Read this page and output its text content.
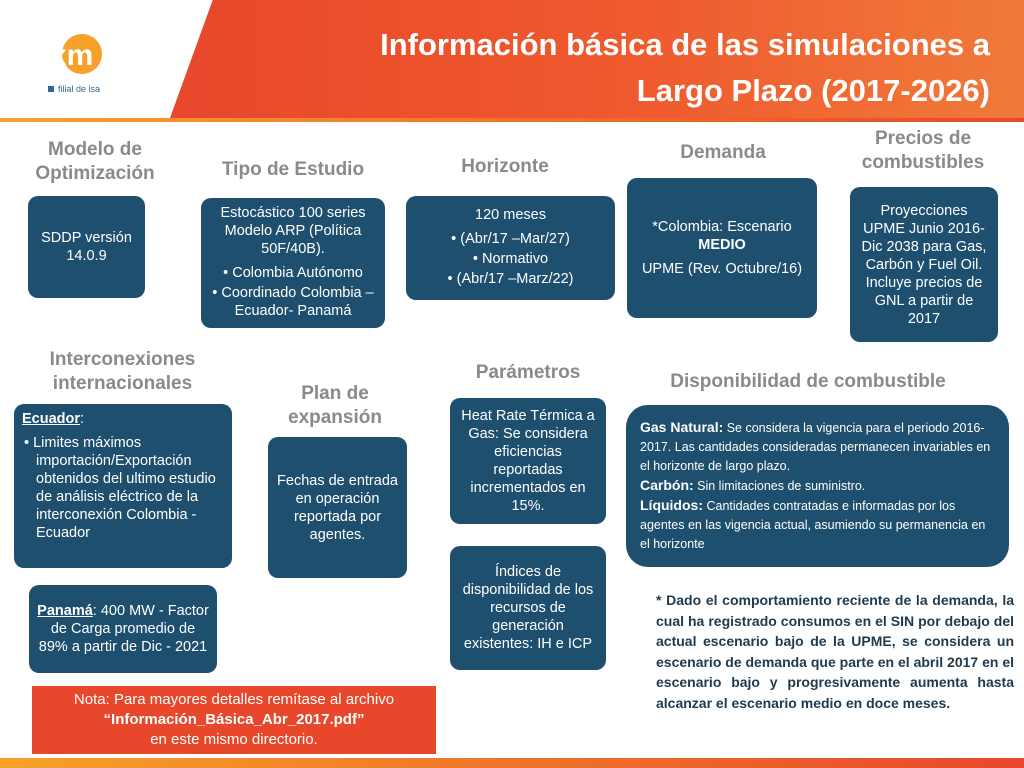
xm
filial de isa
Información básica de las simulaciones a
Largo Plazo (2017-2026)
Modelo de Optimización
SDDP versión 14.0.9
Tipo de Estudio
Estocástico 100 series Modelo ARP (Política 50F/40B).
• Colombia Autónomo
• Coordinado Colombia – Ecuador- Panamá
Horizonte
120 meses
• (Abr/17 –Mar/27)
• Normativo
• (Abr/17 –Marz/22)
Demanda
*Colombia: Escenario
MEDIO
UPME (Rev. Octubre/16)
Precios de combustibles
Proyecciones UPME Junio 2016- Dic 2038 para Gas, Carbón y Fuel Oil. Incluye precios de GNL a partir de 2017
Interconexiones internacionales
Ecuador:
• Limites máximos importación/Exportación obtenidos del ultimo estudio de análisis eléctrico de la interconexión Colombia - Ecuador
Panamá: 400 MW - Factor de Carga promedio de 89% a partir de Dic - 2021
Plan de expansión
Fechas de entrada en operación reportada por agentes.
Parámetros
Heat Rate Térmica a Gas: Se considera eficiencias reportadas incrementados en 15%.
Índices de disponibilidad de los recursos de generación existentes: IH e ICP
Disponibilidad de combustible
Gas Natural: Se considera la vigencia para el periodo 2016-2017. Las cantidades consideradas permanecen invariables en el horizonte de largo plazo.
Carbón: Sin limitaciones de suministro.
Líquidos: Cantidades contratadas e informadas por los agentes en las vigencia actual, asumiendo su permanencia en el horizonte
* Dado el comportamiento reciente de la demanda, la cual ha registrado consumos en el SIN por debajo del actual escenario bajo de la UPME, se considera un escenario de demanda que parte en el abril 2017 en el escenario bajo y progresivamente aumenta hasta alcanzar el escenario medio en doce meses.
Nota: Para mayores detalles remítase al archivo
“Información_Básica_Abr_2017.pdf”
en este mismo directorio.
